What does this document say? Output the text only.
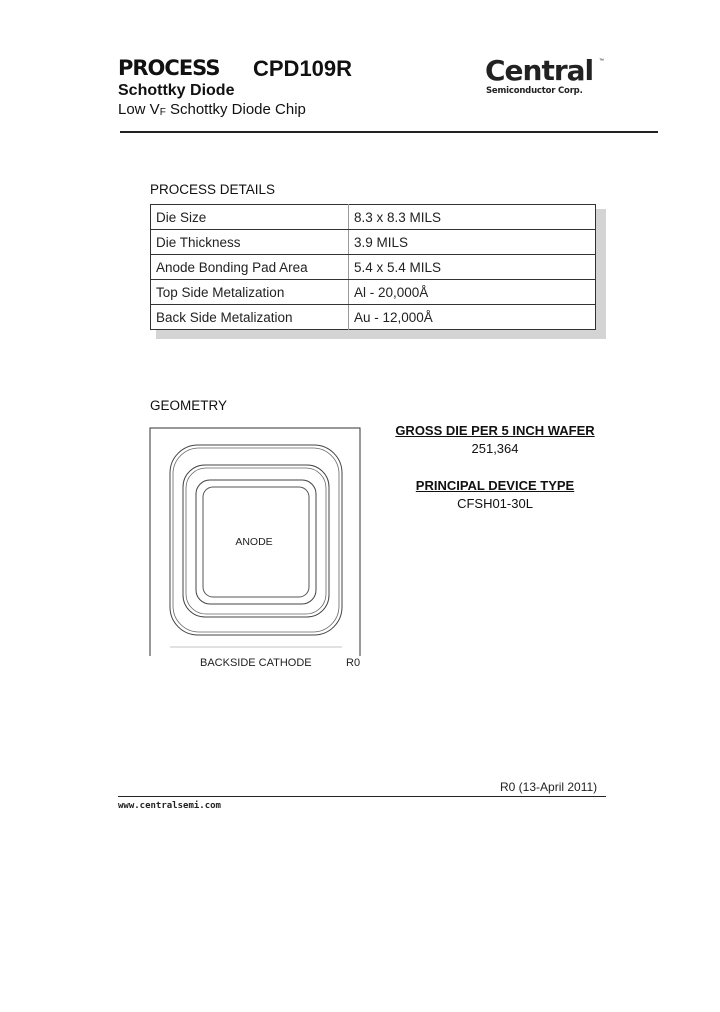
PROCESS CPD109R
Schottky Diode
Low $V_F$ Schottky Diode Chip
Central ™
Semiconductor Corp.
PROCESS DETAILS
Die Size	8.3 x 8.3 MILS
Die Thickness	3.9 MILS
Anode Bonding Pad Area	5.4 x 5.4 MILS
Top Side Metalization	Al - 20,000Å
Back Side Metalization	Au - 12,000Å
GEOMETRY
ANODE
BACKSIDE CATHODE	R0
GROSS DIE PER 5 INCH WAFER
251,364
PRINCIPAL DEVICE TYPE
CFSH01-30L
R0 (13-April 2011)
www.centralsemi.com
